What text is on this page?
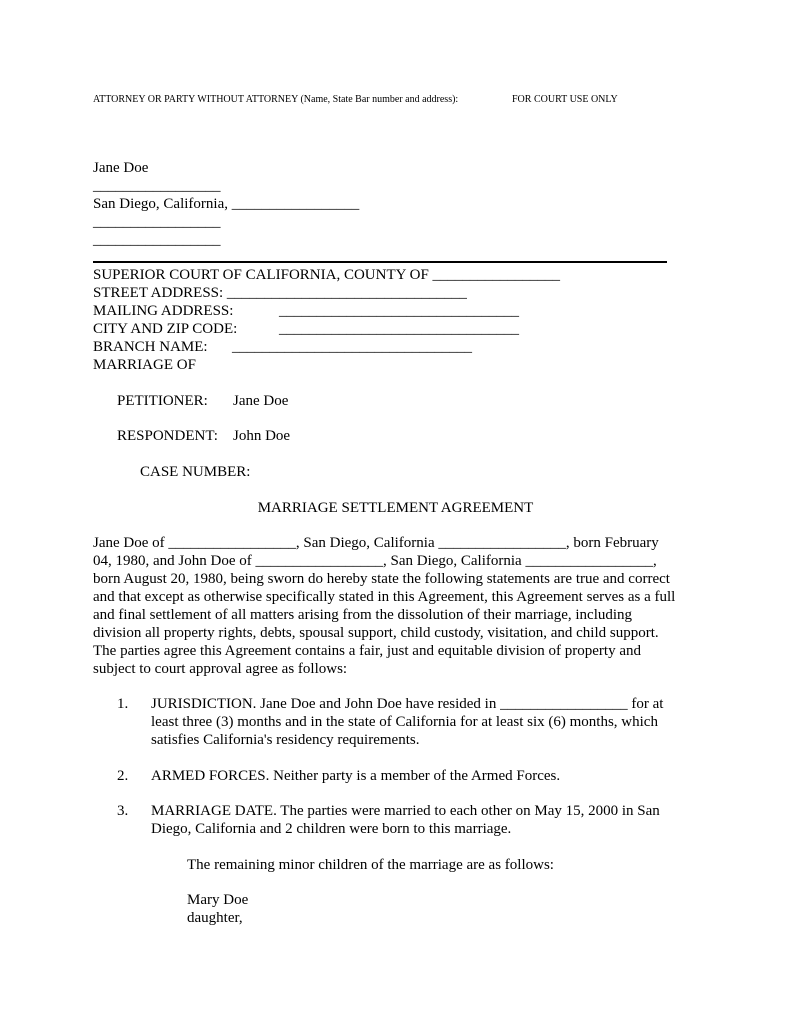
ATTORNEY OR PARTY WITHOUT ATTORNEY (Name, State Bar number and address):	FOR COURT USE ONLY
Jane Doe
_________________
San Diego, California, _________________
_________________
_________________
SUPERIOR COURT OF CALIFORNIA, COUNTY OF _________________
STREET ADDRESS: ________________________________
MAILING ADDRESS:	________________________________
CITY AND ZIP CODE:	________________________________
BRANCH NAME: ________________________________
MARRIAGE OF
PETITIONER: Jane Doe
RESPONDENT: John Doe
CASE NUMBER:
MARRIAGE SETTLEMENT AGREEMENT
Jane Doe of _________________, San Diego, California _________________, born February
04, 1980, and John Doe of _________________, San Diego, California _________________,
born August 20, 1980, being sworn do hereby state the following statements are true and correct
and that except as otherwise specifically stated in this Agreement, this Agreement serves as a full
and final settlement of all matters arising from the dissolution of their marriage, including
division all property rights, debts, spousal support, child custody, visitation, and child support.
The parties agree this Agreement contains a fair, just and equitable division of property and
subject to court approval agree as follows:
1. JURISDICTION. Jane Doe and John Doe have resided in _________________ for at
least three (3) months and in the state of California for at least six (6) months, which
satisfies California's residency requirements.
2. ARMED FORCES. Neither party is a member of the Armed Forces.
3. MARRIAGE DATE. The parties were married to each other on May 15, 2000 in San
Diego, California and 2 children were born to this marriage.
The remaining minor children of the marriage are as follows:
Mary Doe
daughter,
